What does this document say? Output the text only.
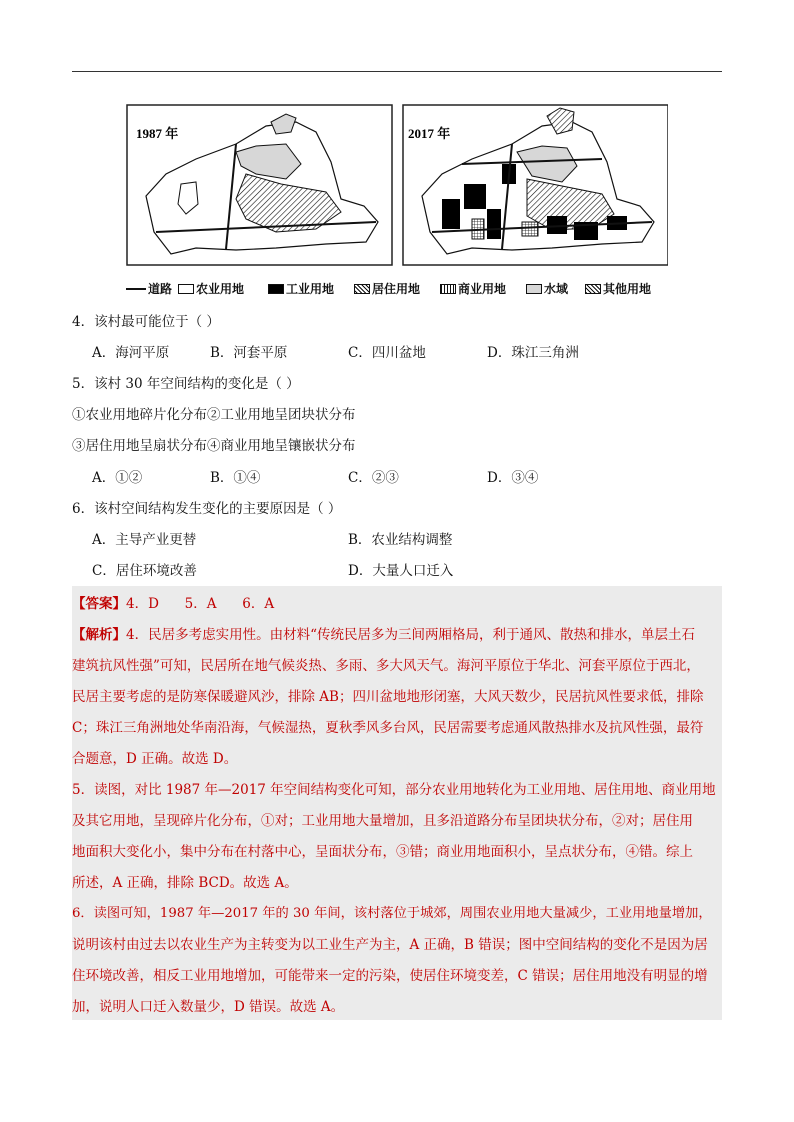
1987 年	2017 年
道路 农业用地	工业用地	居住用地	商业用地	水域	其他用地
4．该村最可能位于（ ）
A．海河平原	B．河套平原	C．四川盆地	D．珠江三角洲
5．该村 30 年空间结构的变化是（ ）
①农业用地碎片化分布②工业用地呈团块状分布
③居住用地呈扇状分布④商业用地呈镶嵌状分布
A．①②	B．①④	C．②③	D．③④
6．该村空间结构发生变化的主要原因是（ ）
A．主导产业更替	B．农业结构调整
C．居住环境改善	D．大量人口迁入
【答案】4．D      5．A      6．A
【解析】4．民居多考虑实用性。由材料“传统民居多为三间两厢格局，利于通风、散热和排水，单层土石
建筑抗风性强”可知，民居所在地气候炎热、多雨、多大风天气。海河平原位于华北、河套平原位于西北，
民居主要考虑的是防寒保暖避风沙，排除 AB；四川盆地地形闭塞，大风天数少，民居抗风性要求低，排除
C；珠江三角洲地处华南沿海，气候湿热，夏秋季风多台风，民居需要考虑通风散热排水及抗风性强，最符
合题意，D 正确。故选 D。
5．读图，对比 1987 年—2017 年空间结构变化可知，部分农业用地转化为工业用地、居住用地、商业用地
及其它用地，呈现碎片化分布，①对；工业用地大量增加，且多沿道路分布呈团块状分布，②对；居住用
地面积大变化小，集中分布在村落中心，呈面状分布，③错；商业用地面积小，呈点状分布，④错。综上
所述，A 正确，排除 BCD。故选 A。
6．读图可知，1987 年—2017 年的 30 年间，该村落位于城郊，周围农业用地大量减少，工业用地量增加，
说明该村由过去以农业生产为主转变为以工业生产为主，A 正确，B 错误；图中空间结构的变化不是因为居
住环境改善，相反工业用地增加，可能带来一定的污染，使居住环境变差，C 错误；居住用地没有明显的增
加，说明人口迁入数量少，D 错误。故选 A。
